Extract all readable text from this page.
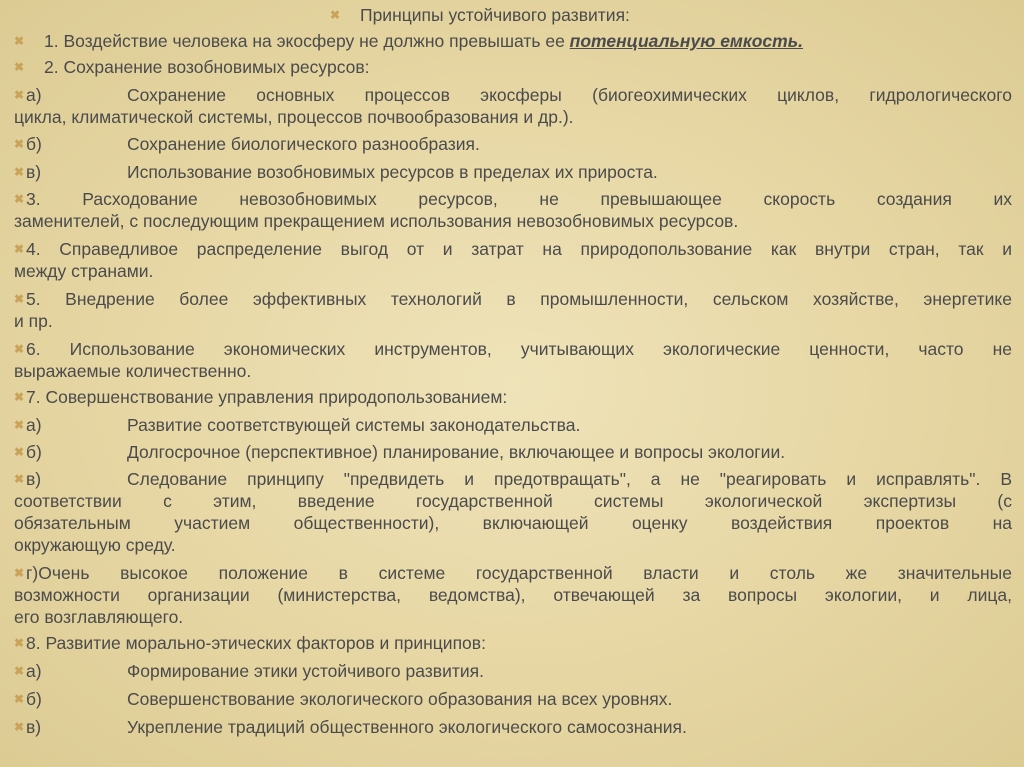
✖ Принципы устойчивого развития:
✖ 1. Воздействие человека на экосферу не должно превышать ее потенциальную емкость.
✖ 2. Сохранение возобновимых ресурсов:
✖ а)	Сохранение основных процессов экосферы (биогеохимических циклов, гидрологического
цикла, климатической системы, процессов почвообразования и др.).
✖ б)	Сохранение биологического разнообразия.
✖ в)	Использование возобновимых ресурсов в пределах их прироста.
✖ 3. Расходование невозобновимых ресурсов, не превышающее скорость создания их
заменителей, с последующим прекращением использования невозобновимых ресурсов.
✖ 4. Справедливое распределение выгод от и затрат на природопользование как внутри стран, так и
между странами.
✖ 5. Внедрение более эффективных технологий в промышленности, сельском хозяйстве, энергетике
и пр.
✖ 6. Использование экономических инструментов, учитывающих экологические ценности, часто не
выражаемые количественно.
✖ 7. Совершенствование управления природопользованием:
✖ а)	Развитие соответствующей системы законодательства.
✖ б)	Долгосрочное (перспективное) планирование, включающее и вопросы экологии.
✖ в)	Следование принципу "предвидеть и предотвращать", а не "реагировать и исправлять". В
соответствии с этим, введение государственной системы экологической экспертизы (с
обязательным участием общественности), включающей оценку воздействия проектов на
окружающую среду.
✖ г)Очень высокое положение в системе государственной власти и столь же значительные
возможности организации (министерства, ведомства), отвечающей за вопросы экологии, и лица,
его возглавляющего.
✖ 8. Развитие морально-этических факторов и принципов:
✖ а)	Формирование этики устойчивого развития.
✖ б)	Совершенствование экологического образования на всех уровнях.
✖ в)	Укрепление традиций общественного экологического самосознания.
